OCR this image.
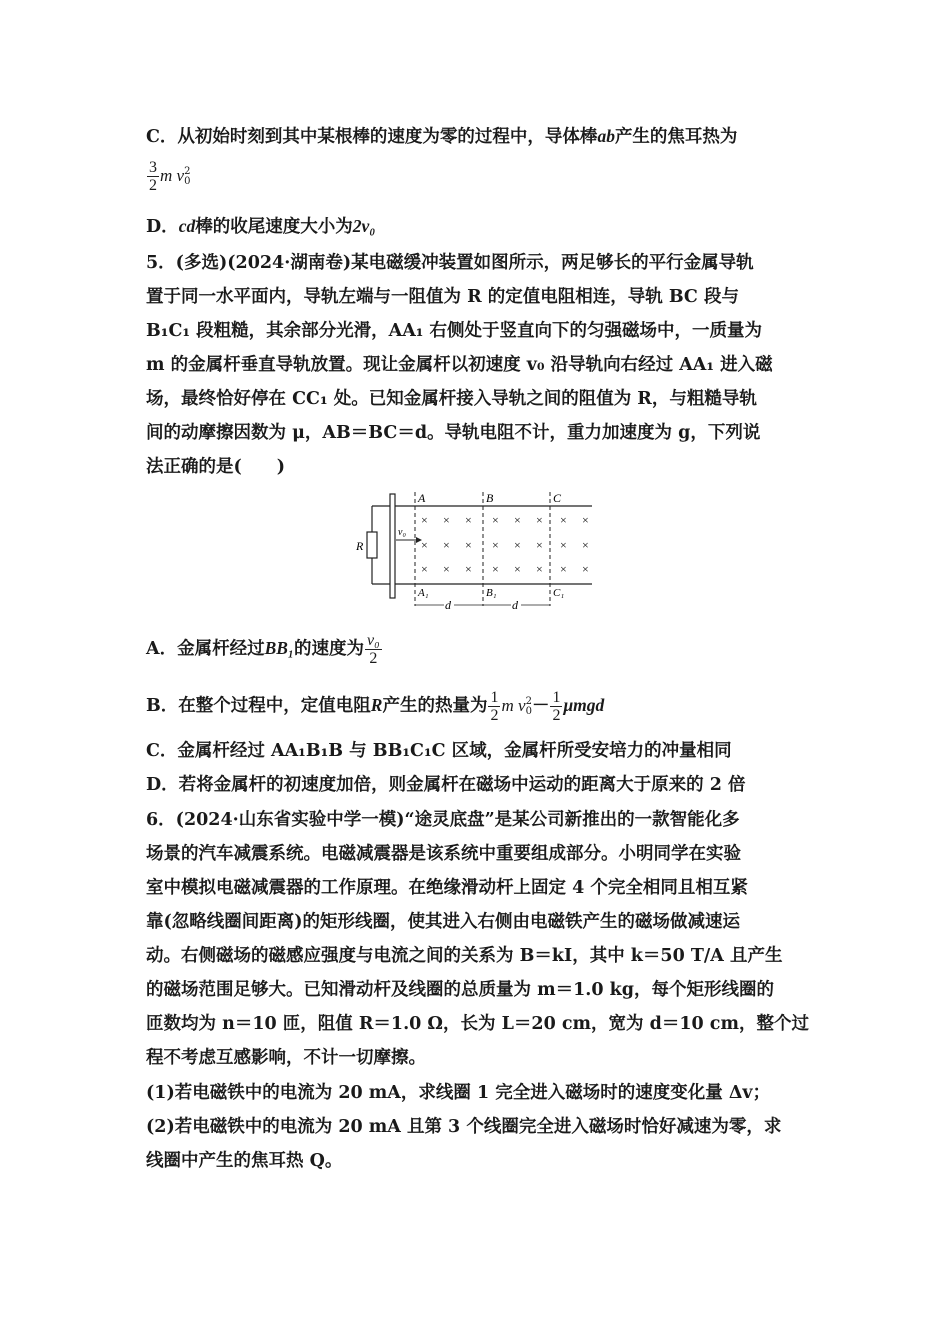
C．从初始时刻到其中某根棒的速度为零的过程中，导体棒ab产生的焦耳热为
$\frac{3}{2}$ m v 2
0
D．cd棒的收尾速度大小为2v₀
5．(多选)(2024·湖南卷)某电磁缓冲装置如图所示，两足够长的平行金属导轨
置于同一水平面内，导轨左端与一阻值为 R 的定值电阻相连，导轨 BC 段与
B₁C₁ 段粗糙，其余部分光滑，AA₁ 右侧处于竖直向下的匀强磁场中，一质量为
m 的金属杆垂直导轨放置。现让金属杆以初速度 v₀ 沿导轨向右经过 AA₁ 进入磁
场，最终恰好停在 CC₁ 处。已知金属杆接入导轨之间的阻值为 R，与粗糙导轨
间的动摩擦因数为 μ，AB＝BC＝d。导轨电阻不计，重力加速度为 g，下列说
法正确的是(　　)
A．金属杆经过BB₁的速度为 $\frac{\text{v₀}}{2}$
B．在整个过程中，定值电阻R产生的热量为 $\frac{1}{2}$ m v 2
$0 - \frac{1}{2}$ μmgd
C．金属杆经过 AA₁B₁B 与 BB₁C₁C 区域，金属杆所受安培力的冲量相同
D．若将金属杆的初速度加倍，则金属杆在磁场中运动的距离大于原来的 2 倍
6．(2024·山东省实验中学一模)“途灵底盘”是某公司新推出的一款智能化多
场景的汽车减震系统。电磁减震器是该系统中重要组成部分。小明同学在实验
室中模拟电磁减震器的工作原理。在绝缘滑动杆上固定 4 个完全相同且相互紧
靠(忽略线圈间距离)的矩形线圈，使其进入右侧由电磁铁产生的磁场做减速运
动。右侧磁场的磁感应强度与电流之间的关系为 B＝kI，其中 k＝50 T/A 且产生
的磁场范围足够大。已知滑动杆及线圈的总质量为 m＝1.0 kg，每个矩形线圈的
匝数均为 n＝10 匝，阻值 R＝1.0 Ω，长为 L＝20 cm，宽为 d＝10 cm，整个过
程不考虑互感影响，不计一切摩擦。
(1)若电磁铁中的电流为 20 mA，求线圈 1 完全进入磁场时的速度变化量 Δv；
(2)若电磁铁中的电流为 20 mA 且第 3 个线圈完全进入磁场时恰好减速为零，求
线圈中产生的焦耳热 Q。
R
v₀
A	B	C
A₁	B₁	C₁
d	d
× × × × × × × ×
× × × × × × × ×
× × × × × × × ×
